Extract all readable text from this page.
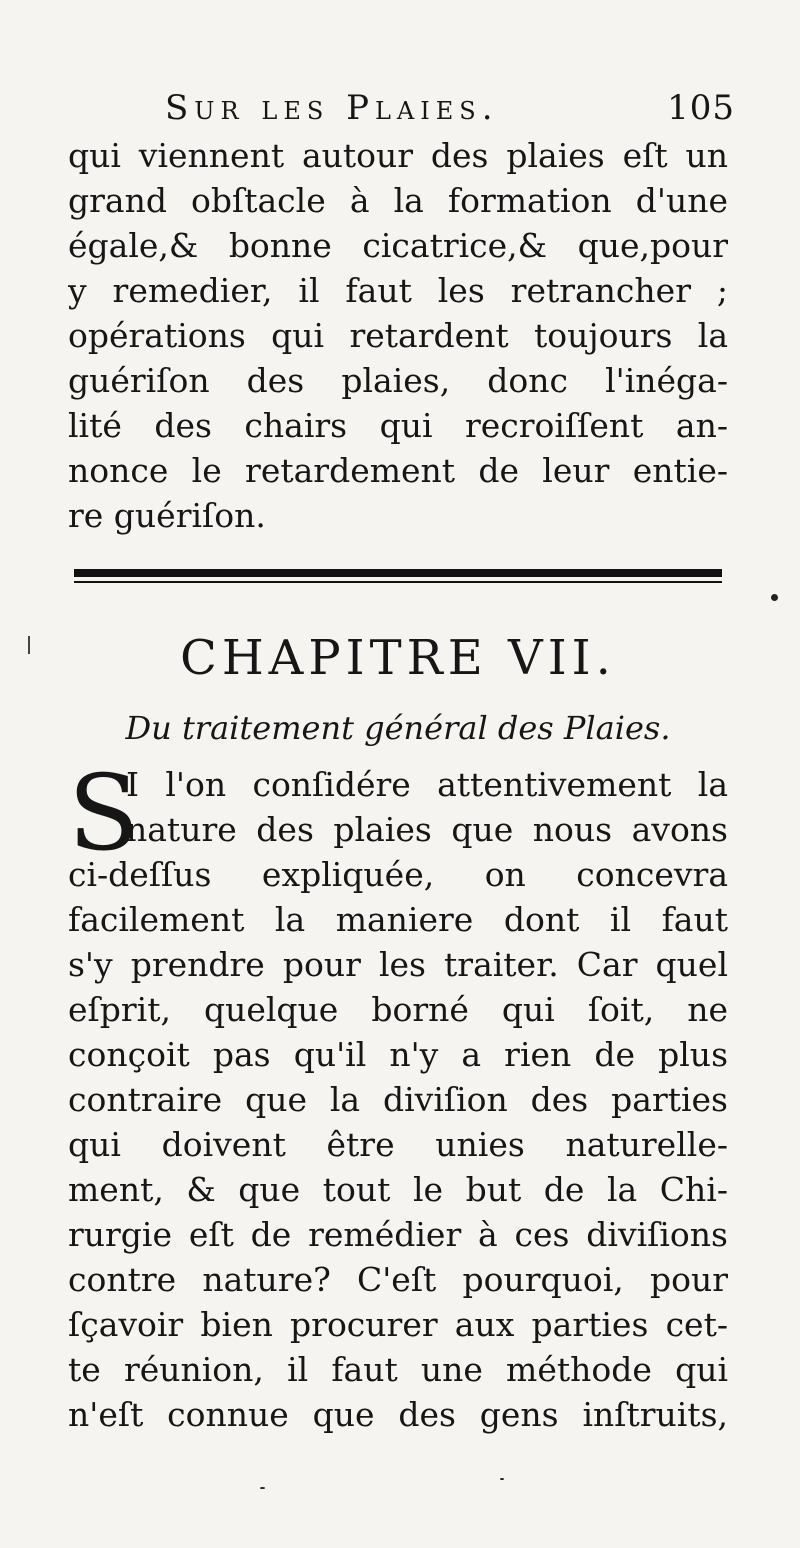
Sur les Plaies.	105
qui viennent autour des plaies eſt un
grand obſtacle à la formation d'une
égale,& bonne cicatrice,& que,pour
y remedier, il faut les retrancher ;
opérations qui retardent toujours la
guériſon des plaies, donc l'inéga-
lité des chairs qui recroiſſent an-
nonce le retardement de leur entie-
re guériſon.
CHAPITRE VII.
Du traitement général des Plaies.
S
I l'on conſidére attentivement la
nature des plaies que nous avons
ci-deſſus expliquée, on concevra
facilement la maniere dont il faut
s'y prendre pour les traiter. Car quel
eſprit, quelque borné qui ſoit, ne
conçoit pas qu'il n'y a rien de plus
contraire que la diviſion des parties
qui doivent être unies naturelle-
ment, & que tout le but de la Chi-
rurgie eſt de remédier à ces diviſions
contre nature? C'eſt pourquoi, pour
ſçavoir bien procurer aux parties cet-
te réunion, il faut une méthode qui
n'eſt connue que des gens inſtruits,
